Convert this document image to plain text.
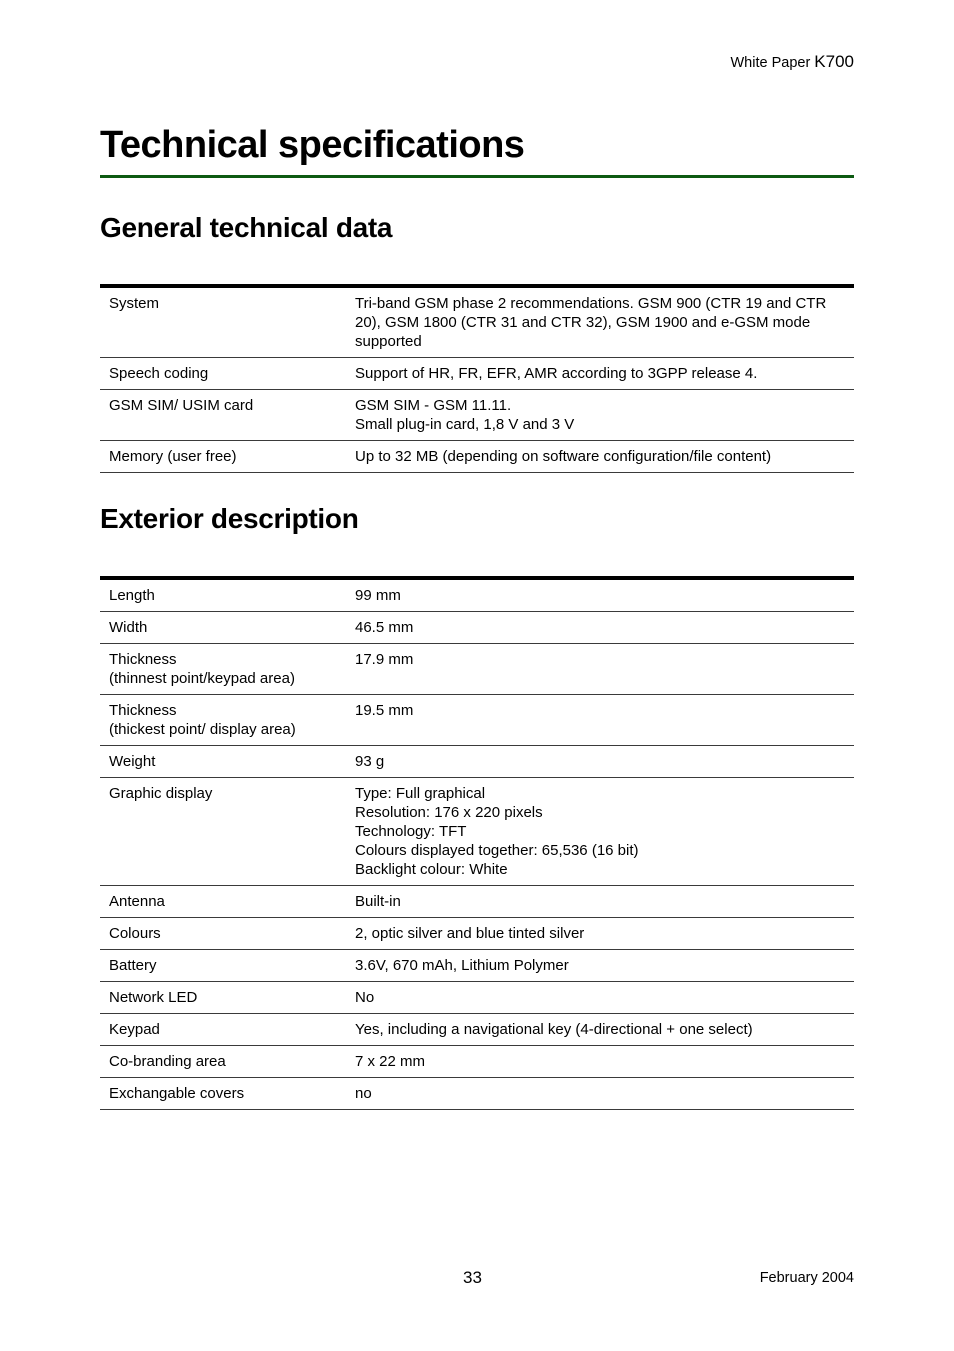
White Paper K700
Technical specifications
General technical data
System	Tri-band GSM phase 2 recommendations. GSM 900 (CTR 19 and CTR 20), GSM 1800 (CTR 31 and CTR 32), GSM 1900 and e-GSM mode supported

Speech coding	Support of HR, FR, EFR, AMR according to 3GPP release 4.

GSM SIM/ USIM card	GSM SIM - GSM 11.11.
Small plug-in card, 1,8 V and 3 V

Memory (user free)	Up to 32 MB (depending on software configuration/file content)
Exterior description
Length	99 mm

Width	46.5 mm

Thickness
(thinnest point/keypad area)	17.9 mm

Thickness
(thickest point/ display area)	19.5 mm

Weight	93 g

Graphic display	Type: Full graphical
Resolution: 176 x 220 pixels
Technology: TFT
Colours displayed together: 65,536 (16 bit)
Backlight colour: White

Antenna	Built-in

Colours	2, optic silver and blue tinted silver

Battery	3.6V, 670 mAh, Lithium Polymer

Network LED	No

Keypad	Yes, including a navigational key (4-directional + one select)

Co-branding area	7 x 22 mm

Exchangable covers	no
33	February 2004
